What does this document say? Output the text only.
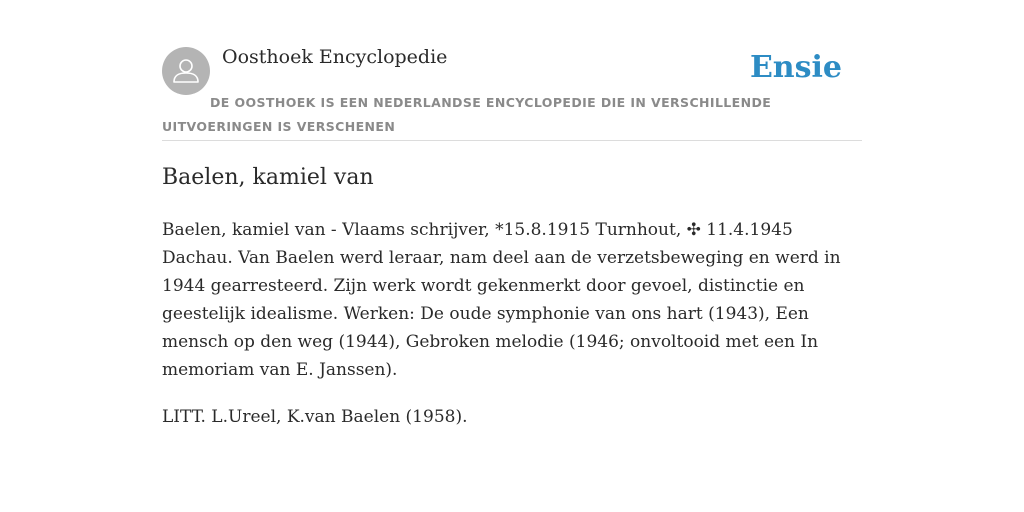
Oosthoek Encyclopedie	Ensie
DE OOSTHOEK IS EEN NEDERLANDSE ENCYCLOPEDIE DIE IN VERSCHILLENDE UITVOERINGEN IS VERSCHENEN
Baelen, kamiel van

Baelen, kamiel van - Vlaams schrijver, *15.8.1915 Turnhout, ✣ 11.4.1945 Dachau. Van Baelen werd leraar, nam deel aan de verzetsbeweging en werd in 1944 gearresteerd. Zijn werk wordt gekenmerkt door gevoel, distinctie en geestelijk idealisme. Werken: De oude symphonie van ons hart (1943), Een mensch op den weg (1944), Gebroken melodie (1946; onvoltooid met een In memoriam van E. Janssen).

LITT. L.Ureel, K.van Baelen (1958).
